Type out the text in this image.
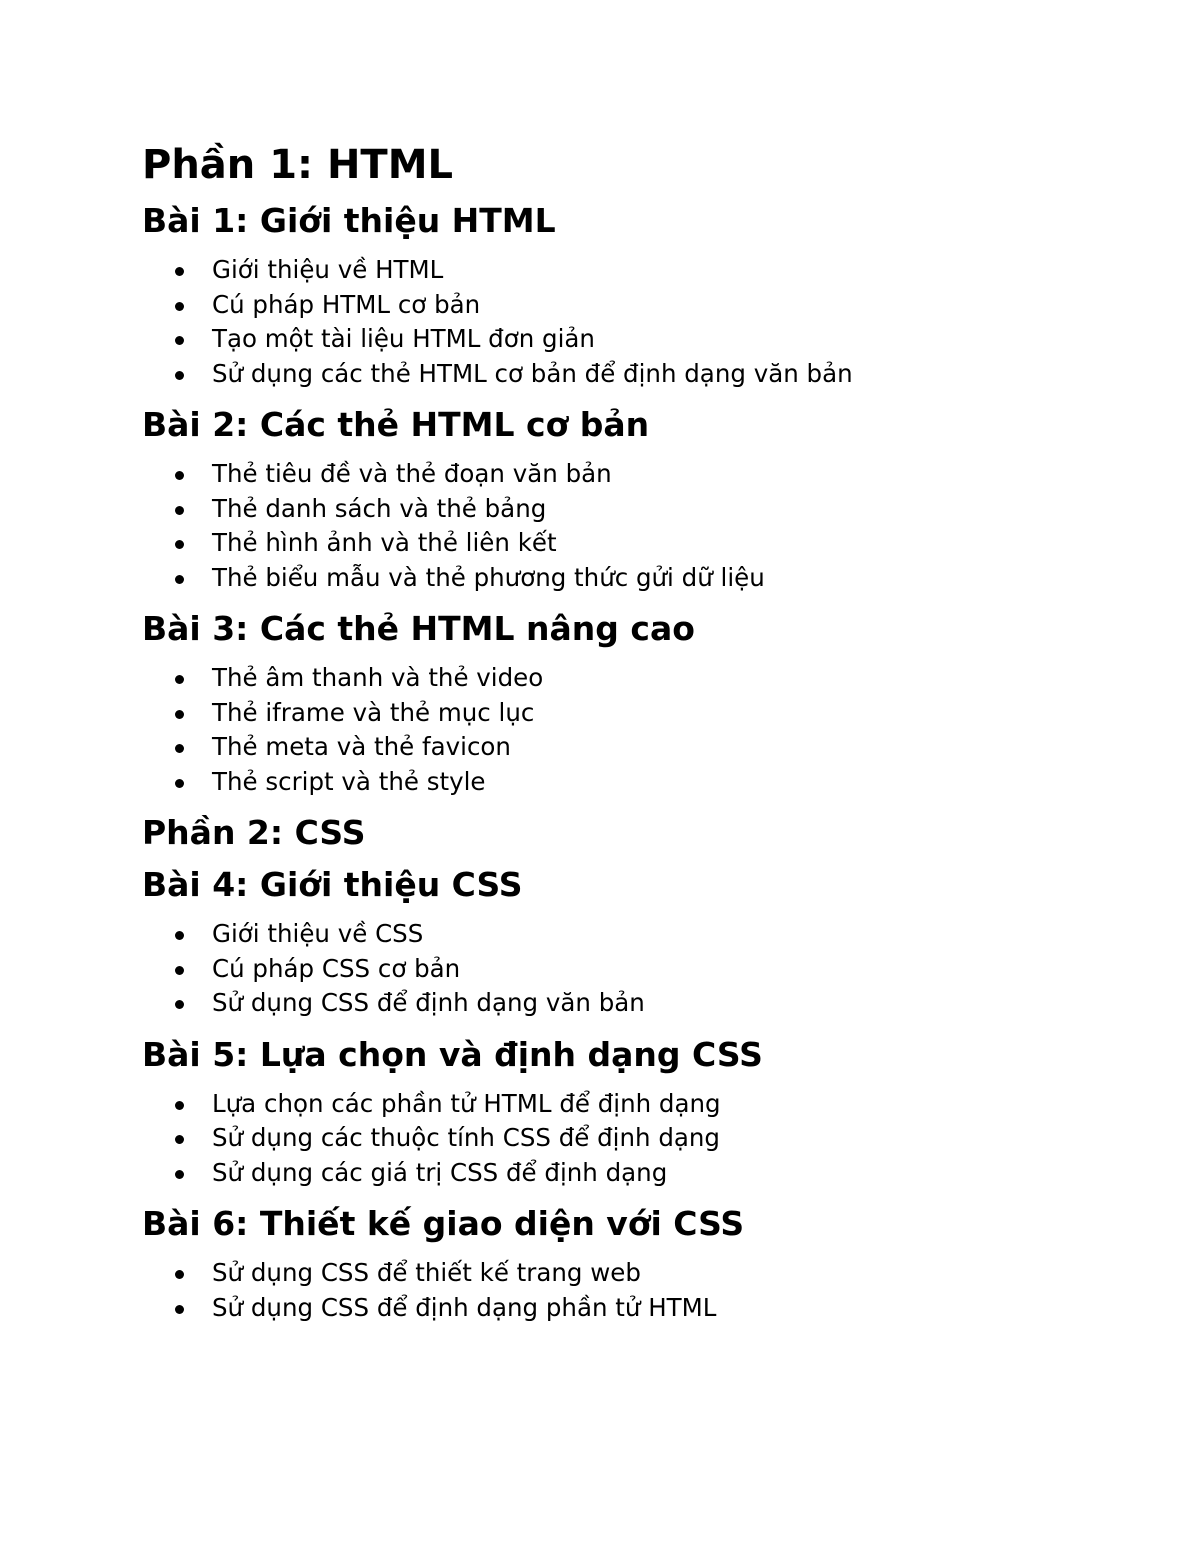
Phần 1: HTML
Bài 1: Giới thiệu HTML
Giới thiệu về HTML
Cú pháp HTML cơ bản
Tạo một tài liệu HTML đơn giản
Sử dụng các thẻ HTML cơ bản để định dạng văn bản
Bài 2: Các thẻ HTML cơ bản
Thẻ tiêu đề và thẻ đoạn văn bản
Thẻ danh sách và thẻ bảng
Thẻ hình ảnh và thẻ liên kết
Thẻ biểu mẫu và thẻ phương thức gửi dữ liệu
Bài 3: Các thẻ HTML nâng cao
Thẻ âm thanh và thẻ video
Thẻ iframe và thẻ mục lục
Thẻ meta và thẻ favicon
Thẻ script và thẻ style
Phần 2: CSS
Bài 4: Giới thiệu CSS
Giới thiệu về CSS
Cú pháp CSS cơ bản
Sử dụng CSS để định dạng văn bản
Bài 5: Lựa chọn và định dạng CSS
Lựa chọn các phần tử HTML để định dạng
Sử dụng các thuộc tính CSS để định dạng
Sử dụng các giá trị CSS để định dạng
Bài 6: Thiết kế giao diện với CSS
Sử dụng CSS để thiết kế trang web
Sử dụng CSS để định dạng phần tử HTML
